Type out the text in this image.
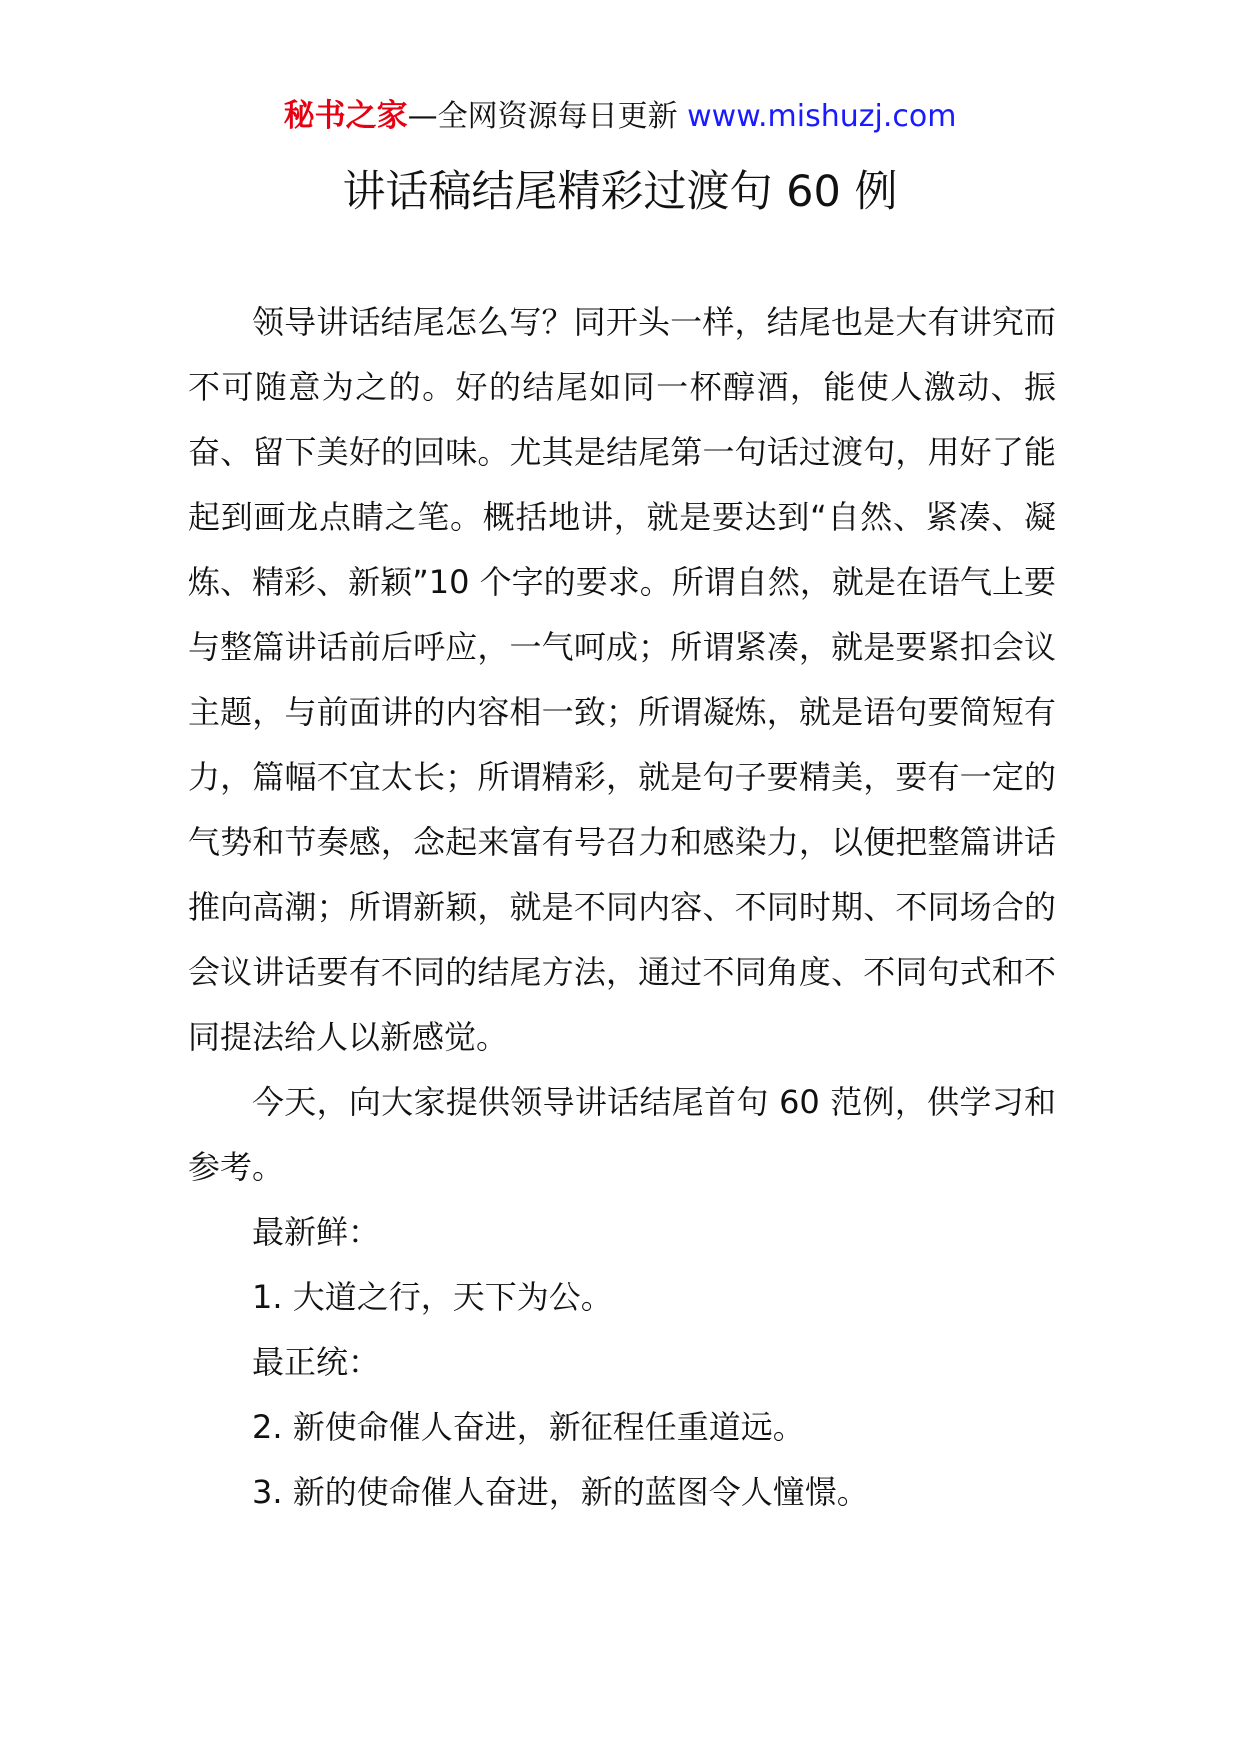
秘书之家—全网资源每日更新 www.mishuzj.com
讲话稿结尾精彩过渡句 60 例

领导讲话结尾怎么写？同开头一样，结尾也是大有讲究而不可随意为之的。好的结尾如同一杯醇酒，能使人激动、振奋、留下美好的回味。尤其是结尾第一句话过渡句，用好了能起到画龙点睛之笔。概括地讲，就是要达到“自然、紧凑、凝炼、精彩、新颖”10 个字的要求。所谓自然，就是在语气上要与整篇讲话前后呼应，一气呵成；所谓紧凑，就是要紧扣会议主题，与前面讲的内容相一致；所谓凝炼，就是语句要简短有力，篇幅不宜太长；所谓精彩，就是句子要精美，要有一定的气势和节奏感，念起来富有号召力和感染力，以便把整篇讲话推向高潮；所谓新颖，就是不同内容、不同时期、不同场合的会议讲话要有不同的结尾方法，通过不同角度、不同句式和不同提法给人以新感觉。

今天，向大家提供领导讲话结尾首句 60 范例，供学习和参考。

最新鲜：

1. 大道之行，天下为公。

最正统：

2. 新使命催人奋进，新征程任重道远。

3. 新的使命催人奋进，新的蓝图令人憧憬。
